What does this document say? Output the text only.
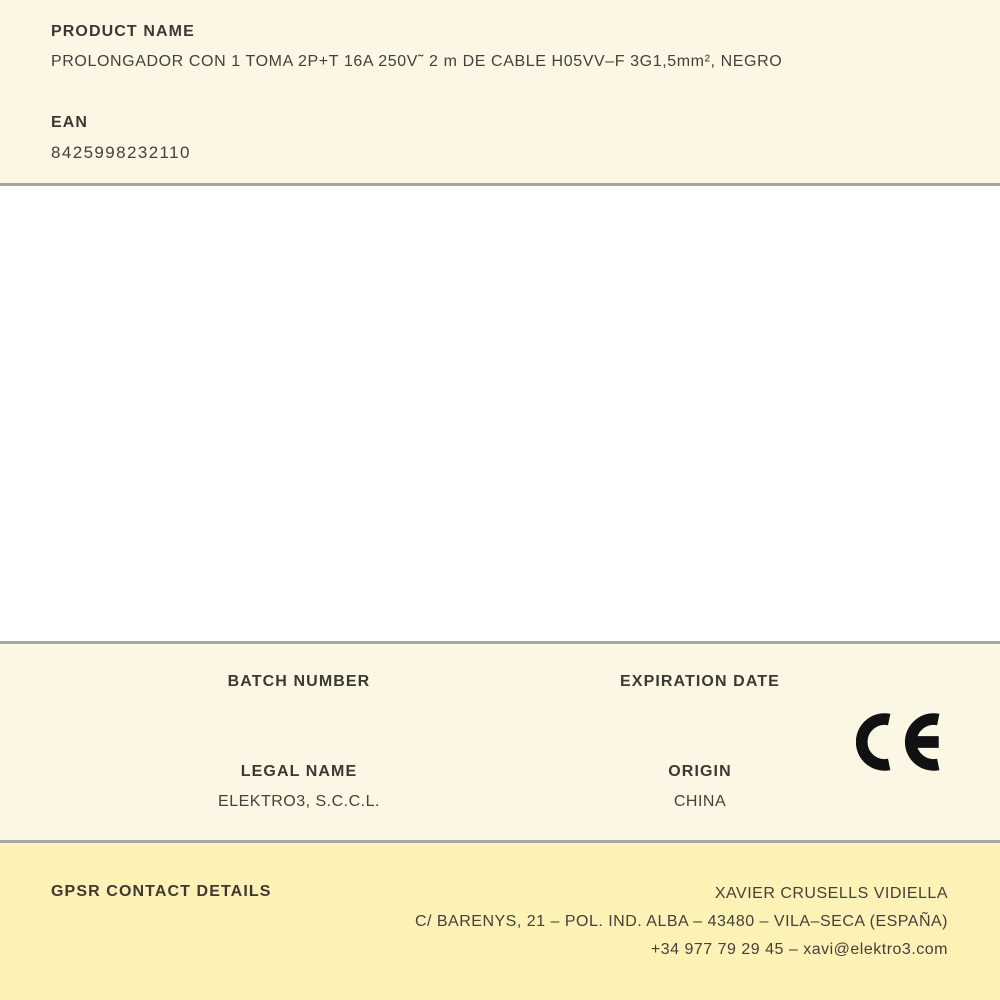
PRODUCT NAME
PROLONGADOR CON 1 TOMA 2P+T 16A 250V˜ 2 m DE CABLE H05VV–F 3G1,5mm², NEGRO
EAN
8425998232110
BATCH NUMBER	EXPIRATION DATE
LEGAL NAME
ELEKTRO3, S.C.C.L.
ORIGIN
CHINA
GPSR CONTACT DETAILS	XAVIER CRUSELLS VIDIELLA
C/ BARENYS, 21 – POL. IND. ALBA – 43480 – VILA–SECA (ESPAÑA)
+34 977 79 29 45 – xavi@elektro3.com
